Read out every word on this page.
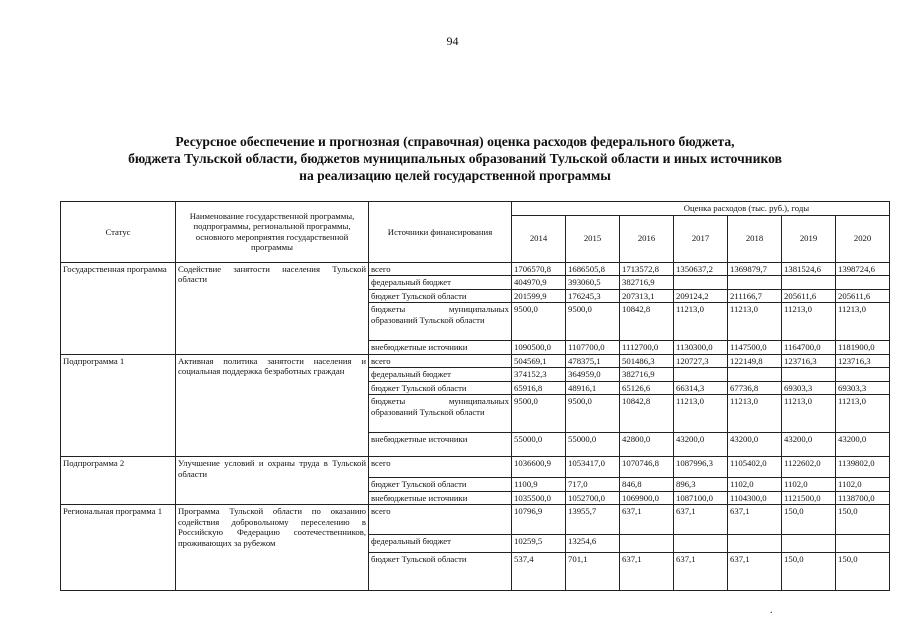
94
Ресурсное обеспечение и прогнозная (справочная) оценка расходов федерального бюджета,
бюджета Тульской области, бюджетов муниципальных образований Тульской области и иных источников
на реализацию целей государственной программы
Статус	Наименование государственной программы, подпрограммы, региональной программы, основного мероприятия государственной программы	Источники финансирования	Оценка расходов (тыс. руб.), годы						
			2014	2015	2016	2017	2018	2019	2020
Государственная программа	Содействие занятости населения Тульской области	всего	1706570,8	1686505,8	1713572,8	1350637,2	1369879,7	1381524,6	1398724,6
		федеральный бюджет	404970,9	393060,5	382716,9				
		бюджет Тульской области	201599,9	176245,3	207313,1	209124,2	211166,7	205611,6	205611,6
		бюджеты муниципальных образований Тульской области	9500,0	9500,0	10842,8	11213,0	11213,0	11213,0	11213,0
		внебюджетные источники	1090500,0	1107700,0	1112700,0	1130300,0	1147500,0	1164700,0	1181900,0
Подпрограмма 1	Активная политика занятости населения и социальная поддержка безработных граждан	всего	504569,1	478375,1	501486,3	120727,3	122149,8	123716,3	123716,3
		федеральный бюджет	374152,3	364959,0	382716,9				
		бюджет Тульской области	65916,8	48916,1	65126,6	66314,3	67736,8	69303,3	69303,3
		бюджеты муниципальных образований Тульской области	9500,0	9500,0	10842,8	11213,0	11213,0	11213,0	11213,0
		внебюджетные источники	55000,0	55000,0	42800,0	43200,0	43200,0	43200,0	43200,0
Подпрограмма 2	Улучшение условий и охраны труда в Тульской области	всего	1036600,9	1053417,0	1070746,8	1087996,3	1105402,0	1122602,0	1139802,0
		бюджет Тульской области	1100,9	717,0	846,8	896,3	1102,0	1102,0	1102,0
		внебюджетные источники	1035500,0	1052700,0	1069900,0	1087100,0	1104300,0	1121500,0	1138700,0
Региональная программа 1	Программа Тульской области по оказанию содействия добровольному переселению в Российскую Федерацию соотечественников, проживающих за рубежом	всего	10796,9	13955,7	637,1	637,1	637,1	150,0	150,0
		федеральный бюджет	10259,5	13254,6					
		бюджет Тульской области	537,4	701,1	637,1	637,1	637,1	150,0	150,0
.
